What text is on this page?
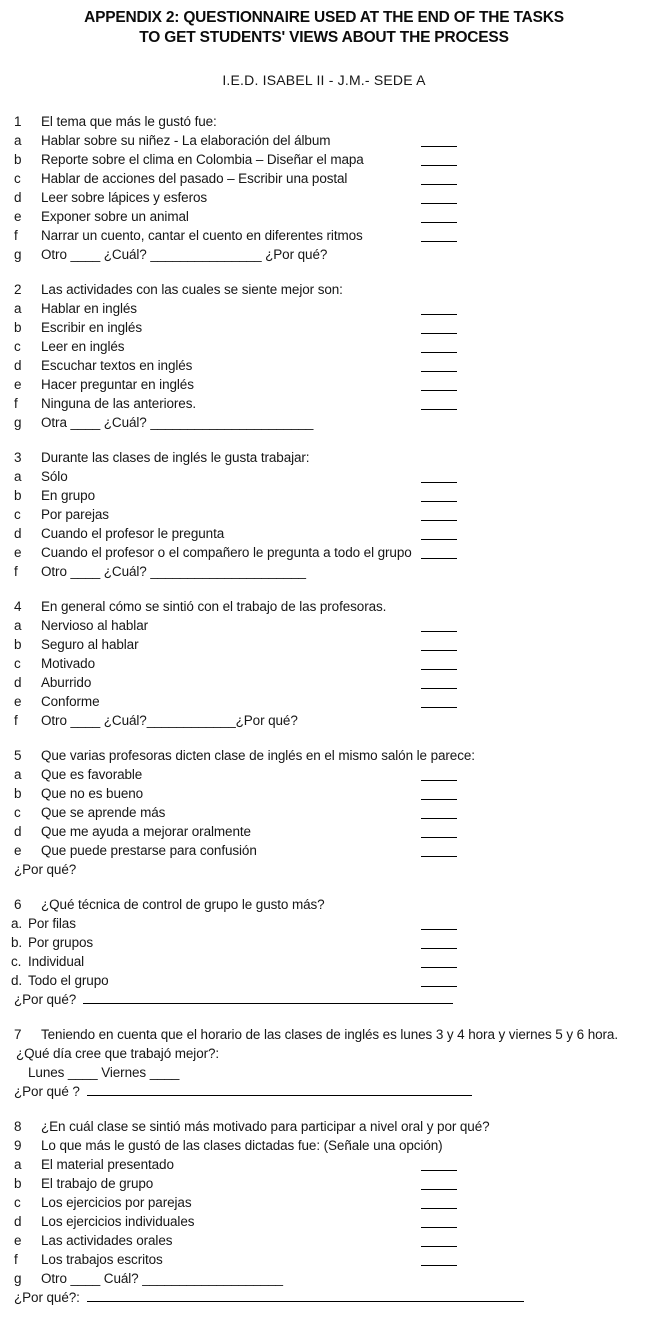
APPENDIX 2: QUESTIONNAIRE USED AT THE END OF THE TASKS
TO GET STUDENTS' VIEWS ABOUT THE PROCESS
I.E.D. ISABEL II - J.M.- SEDE A
1 El tema que más le gustó fue:
a Hablar sobre su niñez - La elaboración del álbum
b Reporte sobre el clima en Colombia – Diseñar el mapa
c Hablar de acciones del pasado – Escribir una postal
d Leer sobre lápices y esferos
e Exponer sobre un animal
f Narrar un cuento, cantar el cuento en diferentes ritmos
g Otro ____ ¿Cuál? _______________ ¿Por qué?
2 Las actividades con las cuales se siente mejor son:
a Hablar en inglés
b Escribir en inglés
c Leer en inglés
d Escuchar textos en inglés
e Hacer preguntar en inglés
f Ninguna de las anteriores.
g Otra ____ ¿Cuál? ______________________
3 Durante las clases de inglés le gusta trabajar:
a Sólo
b En grupo
c Por parejas
d Cuando el profesor le pregunta
e Cuando el profesor o el compañero le pregunta a todo el grupo
f Otro ____ ¿Cuál? _____________________
4 En general cómo se sintió con el trabajo de las profesoras.
a Nervioso al hablar
b Seguro al hablar
c Motivado
d Aburrido
e Conforme
f Otro ____ ¿Cuál?____________¿Por qué?
5 Que varias profesoras dicten clase de inglés en el mismo salón le parece:
a Que es favorable
b Que no es bueno
c Que se aprende más
d Que me ayuda a mejorar oralmente
e Que puede prestarse para confusión
¿Por qué?
6 ¿Qué técnica de control de grupo le gusto más?
a. Por filas
b. Por grupos
c. Individual
d. Todo el grupo
¿Por qué?
7 Teniendo en cuenta que el horario de las clases de inglés es lunes 3 y 4 hora y viernes 5 y 6 hora.
¿Qué día cree que trabajó mejor?:
Lunes ____ Viernes ____
¿Por qué ?
8 ¿En cuál clase se sintió más motivado para participar a nivel oral y por qué?
9 Lo que más le gustó de las clases dictadas fue: (Señale una opción)
a El material presentado
b El trabajo de grupo
c Los ejercicios por parejas
d Los ejercicios individuales
e Las actividades orales
f Los trabajos escritos
g Otro ____ Cuál? ___________________
¿Por qué?:
